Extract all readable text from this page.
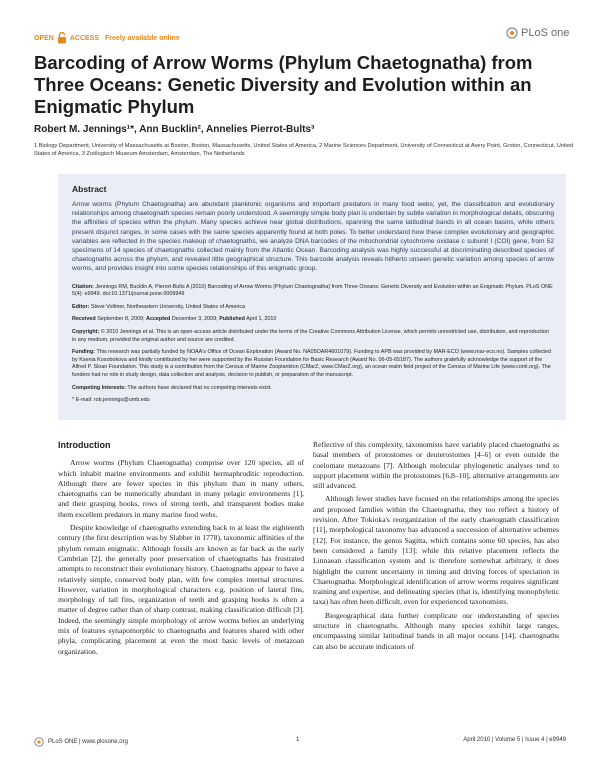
OPEN ACCESS Freely available online	PLoS one
Barcoding of Arrow Worms (Phylum Chaetognatha) from Three Oceans: Genetic Diversity and Evolution within an Enigmatic Phylum
Robert M. Jennings¹*, Ann Bucklin², Annelies Pierrot-Bults³
1 Biology Department, University of Massachusetts at Boston, Boston, Massachusetts, United States of America, 2 Marine Sciences Department, University of Connecticut at Avery Point, Groton, Connecticut, United States of America, 3 Zoölogisch Museum Amsterdam, Amsterdam, The Netherlands
Abstract

Arrow worms (Phylum Chaetognatha) are abundant planktonic organisms and important predators in many food webs; yet, the classification and evolutionary relationships among chaetognath species remain poorly understood. A seemingly simple body plan is underlain by subtle variation in morphological details, obscuring the affinities of species within the phylum. Many species achieve near global distributions, spanning the same latitudinal bands in all ocean basins, while others present disjunct ranges, in some cases with the same species apparently found at both poles. To better understand how these complex evolutionary and geographic variables are reflected in the species makeup of chaetognaths, we analyze DNA barcodes of the mitochondrial cytochrome oxidase c subunit I (COI) gene, from 52 specimens of 14 species of chaetognaths collected mainly from the Atlantic Ocean. Barcoding analysis was highly successful at discriminating described species of chaetognaths across the phylum, and revealed little geographical structure. This barcode analysis reveals hitherto unseen genetic variation among species of arrow worms, and provides insight into some species relationships of this enigmatic group.

Citation: Jennings RM, Bucklin A, Pierrot-Bults A (2010) Barcoding of Arrow Worms (Phylum Chaetognatha) from Three Oceans: Genetic Diversity and Evolution within an Enigmatic Phylum. PLoS ONE 5(4): e9949. doi:10.1371/journal.pone.0009949

Editor: Steve Vollmer, Northeastern University, United States of America

Received September 8, 2009; Accepted December 3, 2009; Published April 1, 2010

Copyright: © 2010 Jennings et al. This is an open-access article distributed under the terms of the Creative Commons Attribution License, which permits unrestricted use, distribution, and reproduction in any medium, provided the original author and source are credited.

Funding: This research was partially funded by NOAA's Office of Ocean Exploration (Award No. NA05OAR4601079). Funding to APB was provided by MAR-ECO (www.mar-eco.no). Samples collected by Ksenia Kosobokova and kindly contributed by her were supported by the Russian Foundation for Basic Research (Award No. 06-05-65187). The authors gratefully acknowledge the support of the Alfred P. Sloan Foundation. This study is a contribution from the Census of Marine Zooplankton (CMarZ, www.CMarZ.org), an ocean realm field project of the Census of Marine Life (www.coml.org). The funders had no role in study design, data collection and analysis, decision to publish, or preparation of the manuscript.

Competing Interests: The authors have declared that no competing interests exist.

* E-mail: rob.jennings@umb.edu

Introduction

Arrow worms (Phylum Chaetognatha) comprise over 120 species, all of which inhabit marine environments and exhibit hermaphroditic reproduction. Although there are fewer species in this phylum than in many others, chaetognaths can be numerically abundant in many pelagic environments [1], and their grasping hooks, rows of strong teeth, and transparent bodies make them excellent predators in many marine food webs.

Despite knowledge of chaetognaths extending back to at least the eighteenth century (the first description was by Slabber in 1778), taxonomic affinities of the phylum remain enigmatic. Although fossils are known as far back as the early Cambrian [2], the generally poor preservation of chaetognaths has frustrated attempts to reconstruct their evolutionary history. Chaetognaths appear to have a relatively simple, conserved body plan, with few complex internal structures. However, variation in morphological characters e.g. position of lateral fins, morphology of tail fins, organization of teeth and grasping hooks is often a matter of degree rather than of sharp contrast, making classification difficult [3]. Indeed, the seemingly simple morphology of arrow worms belies an underlying mix of features synapomorphic to chaetognaths and features shared with other phyla, complicating placement at even the most basic levels of metazoan organization.

Reflective of this complexity, taxonomists have variably placed chaetognaths as basal members of protostomes or deuterostomes [4–6] or even outside the coelomate metazoans [7]. Although molecular phylogenetic analyses tend to support placement within the protostomes [6,8–10], alternative arrangements are still advanced.

Although fewer studies have focused on the relationships among the species and proposed families within the Chaetognatha, they too reflect a history of revision. After Tokioka's reorganization of the early chaetognath classification [11], morphological taxonomy has advanced a succession of alternative schemes [12]. For instance, the genus Sagitta, which contains some 60 species, has also been considered a family [13]; while this relative placement reflects the Linnaean classification system and is therefore somewhat arbitrary, it does highlight the current uncertainty in timing and driving forces of speciation in Chaetognatha. Morphological identification of arrow worms requires significant training and expertise, and delineating species (that is, identifying monophyletic taxa) has often been difficult, even for experienced taxonomists.

Biogeographical data further complicate our understanding of species structure in chaetognaths. Although many species exhibit large ranges, encompassing similar latitudinal bands in all major oceans [14], chaetognaths can also be accurate indicators of

PLoS ONE | www.plosone.org	1	April 2010 | Volume 5 | Issue 4 | e9949
